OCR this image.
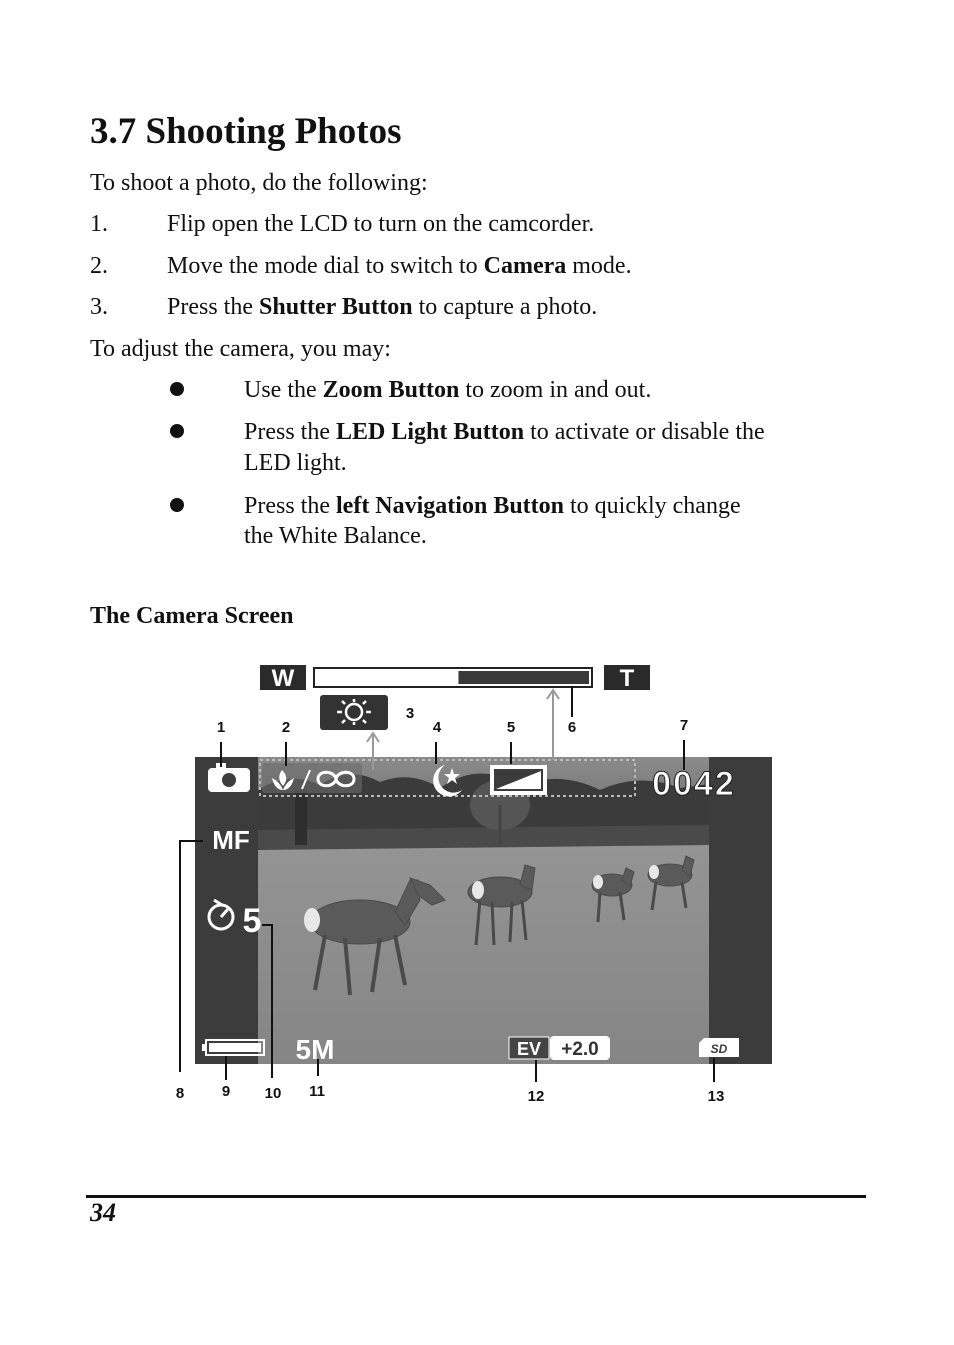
3.7 Shooting Photos
To shoot a photo, do the following:
1. Flip open the LCD to turn on the camcorder.
2. Move the mode dial to switch to Camera mode.
3. Press the Shutter Button to capture a photo.
To adjust the camera, you may:
Use the Zoom Button to zoom in and out.
Press the LED Light Button to activate or disable the
LED light.
Press the left Navigation Button to quickly change
the White Balance.
The Camera Screen
W	T
0042
MF
5
5M	EV +2.0	SD
1	2
3
4	5	6	7
8	9 10 11	12	13
34
